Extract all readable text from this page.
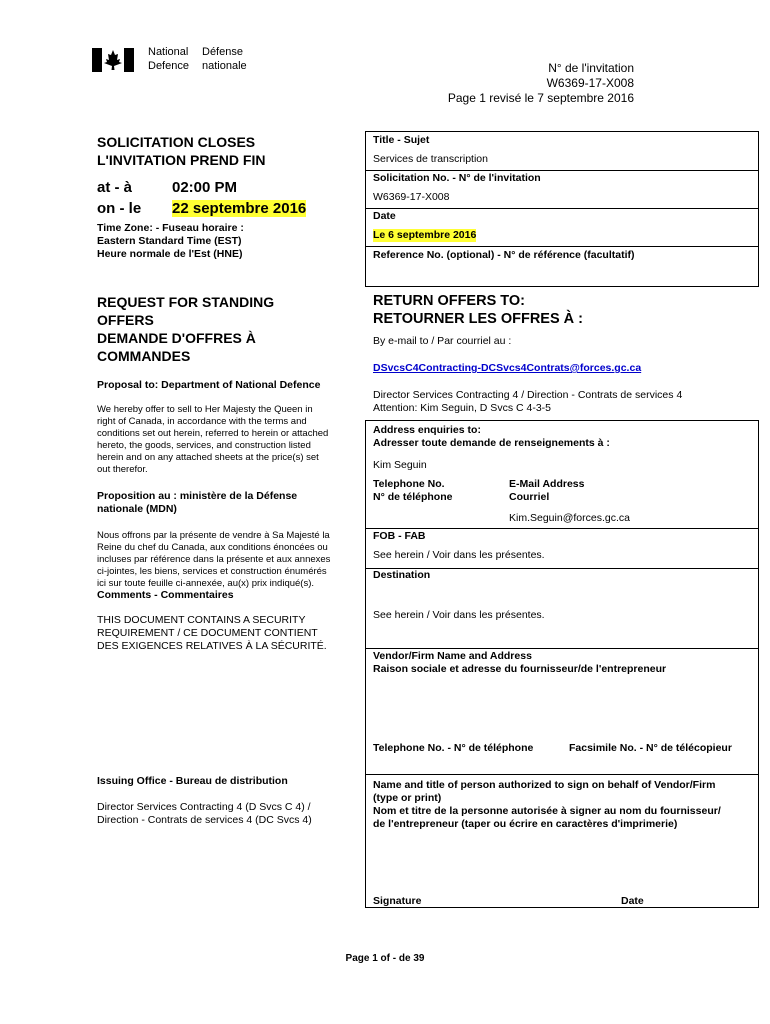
National Défense
Defence nationale	N° de l'invitation
W6369-17-X008
Page 1 revisé le 7 septembre 2016
SOLICITATION CLOSES
L'INVITATION PREND FIN
at - à	02:00 PM
on - le 22 septembre 2016
Time Zone: - Fuseau horaire :
Eastern Standard Time (EST)
Heure normale de l'Est (HNE)
REQUEST FOR STANDING
OFFERS
DEMANDE D'OFFRES À
COMMANDES
Proposal to: Department of National Defence
We hereby offer to sell to Her Majesty the Queen in
right of Canada, in accordance with the terms and
conditions set out herein, referred to herein or attached
hereto, the goods, services, and construction listed
herein and on any attached sheets at the price(s) set
out therefor.
Proposition au : ministère de la Défense
nationale (MDN)
Nous offrons par la présente de vendre à Sa Majesté la
Reine du chef du Canada, aux conditions énoncées ou
incluses par référence dans la présente et aux annexes
ci-jointes, les biens, services et construction énumérés
ici sur toute feuille ci-annexée, au(x) prix indiqué(s).
Comments - Commentaires
THIS DOCUMENT CONTAINS A SECURITY
REQUIREMENT / CE DOCUMENT CONTIENT
DES EXIGENCES RELATIVES À LA SÉCURITÉ.
Issuing Office - Bureau de distribution
Director Services Contracting 4 (D Svcs C 4) /
Direction - Contrats de services 4 (DC Svcs 4)
Title - Sujet
Services de transcription
Solicitation No. - N° de l'invitation
W6369-17-X008
Date
Le 6 septembre 2016
Reference No. (optional) - N° de référence (facultatif)
RETURN OFFERS TO:
RETOURNER LES OFFRES À :
By e-mail to / Par courriel au :
DSvcsC4Contracting-DCSvcs4Contrats@forces.gc.ca
Director Services Contracting 4 / Direction - Contrats de services 4
Attention: Kim Seguin, D Svcs C 4-3-5
Address enquiries to:
Adresser toute demande de renseignements à :
Kim Seguin
Telephone No.
N° de téléphone
E-Mail Address
Courriel
Kim.Seguin@forces.gc.ca
FOB - FAB
See herein / Voir dans les présentes.
Destination
See herein / Voir dans les présentes.
Vendor/Firm Name and Address
Raison sociale et adresse du fournisseur/de l'entrepreneur
Telephone No. - N° de téléphone	Facsimile No. - N° de télécopieur
Name and title of person authorized to sign on behalf of Vendor/Firm
(type or print)
Nom et titre de la personne autorisée à signer au nom du fournisseur/
de l'entrepreneur (taper ou écrire en caractères d'imprimerie)
Signature	Date
Page 1 of - de 39
